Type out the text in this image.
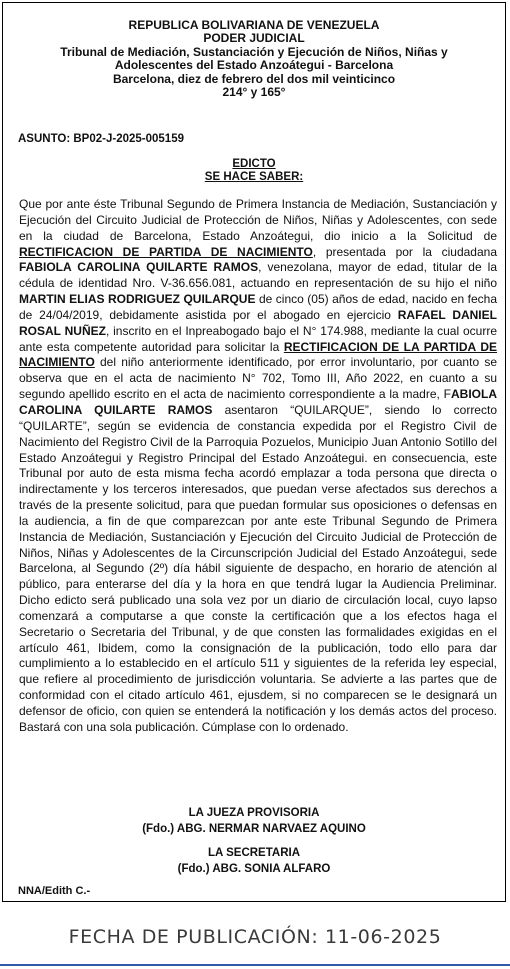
REPUBLICA BOLIVARIANA DE VENEZUELA
PODER JUDICIAL
Tribunal de Mediación, Sustanciación y Ejecución de Niños, Niñas y
Adolescentes del Estado Anzoátegui - Barcelona
Barcelona, diez de febrero del dos mil veinticinco
214° y 165°
ASUNTO: BP02-J-2025-005159
EDICTO
SE HACE SABER:
Que por ante éste Tribunal Segundo de Primera Instancia de Mediación, Sustanciación y Ejecución del Circuito Judicial de Protección de Niños, Niñas y Adolescentes, con sede en la ciudad de Barcelona, Estado Anzoátegui, dio inicio a la Solicitud de RECTIFICACION DE PARTIDA DE NACIMIENTO, presentada por la ciudadana FABIOLA CAROLINA QUILARTE RAMOS, venezolana, mayor de edad, titular de la cédula de identidad Nro. V-36.656.081, actuando en representación de su hijo el niño MARTIN ELIAS RODRIGUEZ QUILARQUE de cinco (05) años de edad, nacido en fecha de 24/04/2019, debidamente asistida por el abogado en ejercicio RAFAEL DANIEL ROSAL NUÑEZ, inscrito en el Inpreabogado bajo el N° 174.988, mediante la cual ocurre ante esta competente autoridad para solicitar la RECTIFICACION DE LA PARTIDA DE NACIMIENTO del niño anteriormente identificado, por error involuntario, por cuanto se observa que en el acta de nacimiento N° 702, Tomo III, Año 2022, en cuanto a su segundo apellido escrito en el acta de nacimiento correspondiente a la madre, FABIOLA CAROLINA QUILARTE RAMOS asentaron “QUILARQUE”, siendo lo correcto “QUILARTE”, según se evidencia de constancia expedida por el Registro Civil de Nacimiento del Registro Civil de la Parroquia Pozuelos, Municipio Juan Antonio Sotillo del Estado Anzoátegui y Registro Principal del Estado Anzoátegui. en consecuencia, este Tribunal por auto de esta misma fecha acordó emplazar a toda persona que directa o indirectamente y los terceros interesados, que puedan verse afectados sus derechos a través de la presente solicitud, para que puedan formular sus oposiciones o defensas en la audiencia, a fin de que comparezcan por ante este Tribunal Segundo de Primera Instancia de Mediación, Sustanciación y Ejecución del Circuito Judicial de Protección de Niños, Niñas y Adolescentes de la Circunscripción Judicial del Estado Anzoátegui, sede Barcelona, al Segundo (2º) día hábil siguiente de despacho, en horario de atención al público, para enterarse del día y la hora en que tendrá lugar la Audiencia Preliminar. Dicho edicto será publicado una sola vez por un diario de circulación local, cuyo lapso comenzará a computarse a que conste la certificación que a los efectos haga el Secretario o Secretaria del Tribunal, y de que consten las formalidades exigidas en el artículo 461, Ibidem, como la consignación de la publicación, todo ello para dar cumplimiento a lo establecido en el artículo 511 y siguientes de la referida ley especial, que refiere al procedimiento de jurisdicción voluntaria. Se advierte a las partes que de conformidad con el citado artículo 461, ejusdem, si no comparecen se le designará un defensor de oficio, con quien se entenderá la notificación y los demás actos del proceso. Bastará con una sola publicación. Cúmplase con lo ordenado.
LA JUEZA PROVISORIA
(Fdo.) ABG. NERMAR NARVAEZ AQUINO
LA SECRETARIA
(Fdo.) ABG. SONIA ALFARO
NNA/Edith C.-
FECHA DE PUBLICACIÓN: 11-06-2025
